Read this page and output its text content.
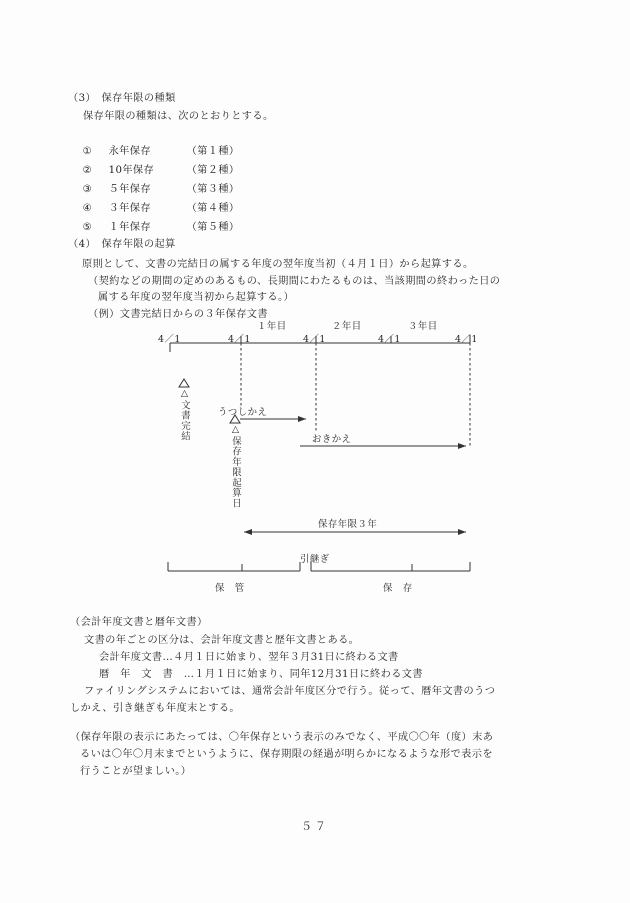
（3）　保存年限の種類
保存年限の種類は、次のとおりとする。

① 永年保存	（第１種）

② 10年保存	（第２種）

③ ５年保存	（第３種）

④ ３年保存	（第４種）

⑤ １年保存	（第５種）

（4）　保存年限の起算
原則として、文書の完結日の属する年度の翌年度当初（４月１日）から起算する。
（契約などの期間の定めのあるもの、長期間にわたるものは、当該期間の終わった日の
属する年度の翌年度当初から起算する。）
（例）文書完結日からの３年保存文書
１年目	２年目	３年目
4／1	4／1	4／1	4／1	4／1
△文書完結
△保存年限起算日
うつしかえ
おきかえ
保存年限３年
引継ぎ
保　管	保　存
（会計年度文書と暦年文書）
文書の年ごとの区分は、会計年度文書と歴年文書とある。
会計年度文書…４月１日に始まり、翌年３月31日に終わる文書
暦　年　文　書　…１月１日に始まり、同年12月31日に終わる文書
ファイリングシステムにおいては、通常会計年度区分で行う。従って、暦年文書のうつ
しかえ、引き継ぎも年度末とする。
（保存年限の表示にあたっては、〇年保存という表示のみでなく、平成〇〇年（度）末あ
るいは〇年〇月末までというように、保存期限の経過が明らかになるような形で表示を
行うことが望ましい。）
５７
